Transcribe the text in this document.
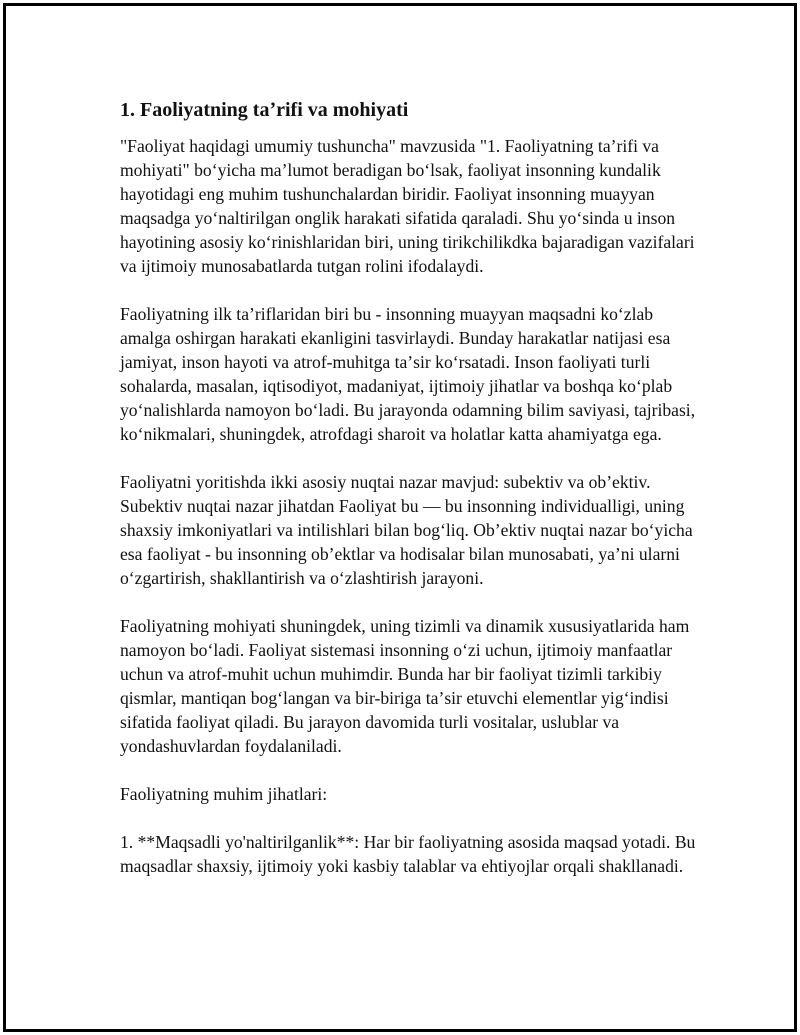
1. Faoliyatning taʼrifi va mohiyati

"Faoliyat haqidagi umumiy tushuncha" mavzusida "1. Faoliyatning taʼrifi va mohiyati" boʻyicha maʼlumot beradigan boʻlsak, faoliyat insonning kundalik hayotidagi eng muhim tushunchalardan biridir. Faoliyat insonning muayyan maqsadga yoʻnaltirilgan onglik harakati sifatida qaraladi. Shu yoʻsinda u inson hayotining asosiy koʻrinishlaridan biri, uning tirikchilikdka bajaradigan vazifalari va ijtimoiy munosabatlarda tutgan rolini ifodalaydi.

Faoliyatning ilk taʼriflaridan biri bu - insonning muayyan maqsadni koʻzlab amalga oshirgan harakati ekanligini tasvirlaydi. Bunday harakatlar natijasi esa jamiyat, inson hayoti va atrof-muhitga taʼsir koʻrsatadi. Inson faoliyati turli sohalarda, masalan, iqtisodiyot, madaniyat, ijtimoiy jihatlar va boshqa koʻplab yoʻnalishlarda namoyon boʻladi. Bu jarayonda odamning bilim saviyasi, tajribasi, koʻnikmalari, shuningdek, atrofdagi sharoit va holatlar katta ahamiyatga ega.

Faoliyatni yoritishda ikki asosiy nuqtai nazar mavjud: subektiv va obʼektiv. Subektiv nuqtai nazar jihatdan Faoliyat bu — bu insonning individualligi, uning shaxsiy imkoniyatlari va intilishlari bilan bogʻliq. Obʼektiv nuqtai nazar boʻyicha esa faoliyat - bu insonning obʼektlar va hodisalar bilan munosabati, yaʼni ularni oʻzgartirish, shakllantirish va oʻzlashtirish jarayoni.

Faoliyatning mohiyati shuningdek, uning tizimli va dinamik xususiyatlarida ham namoyon boʻladi. Faoliyat sistemasi insonning oʻzi uchun, ijtimoiy manfaatlar uchun va atrof-muhit uchun muhimdir. Bunda har bir faoliyat tizimli tarkibiy qismlar, mantiqan bogʻlangan va bir-biriga taʼsir etuvchi elementlar yigʻindisi sifatida faoliyat qiladi. Bu jarayon davomida turli vositalar, uslublar va yondashuvlardan foydalaniladi.

Faoliyatning muhim jihatlari:

1. **Maqsadli yo'naltirilganlik**: Har bir faoliyatning asosida maqsad yotadi. Bu maqsadlar shaxsiy, ijtimoiy yoki kasbiy talablar va ehtiyojlar orqali shakllanadi.
